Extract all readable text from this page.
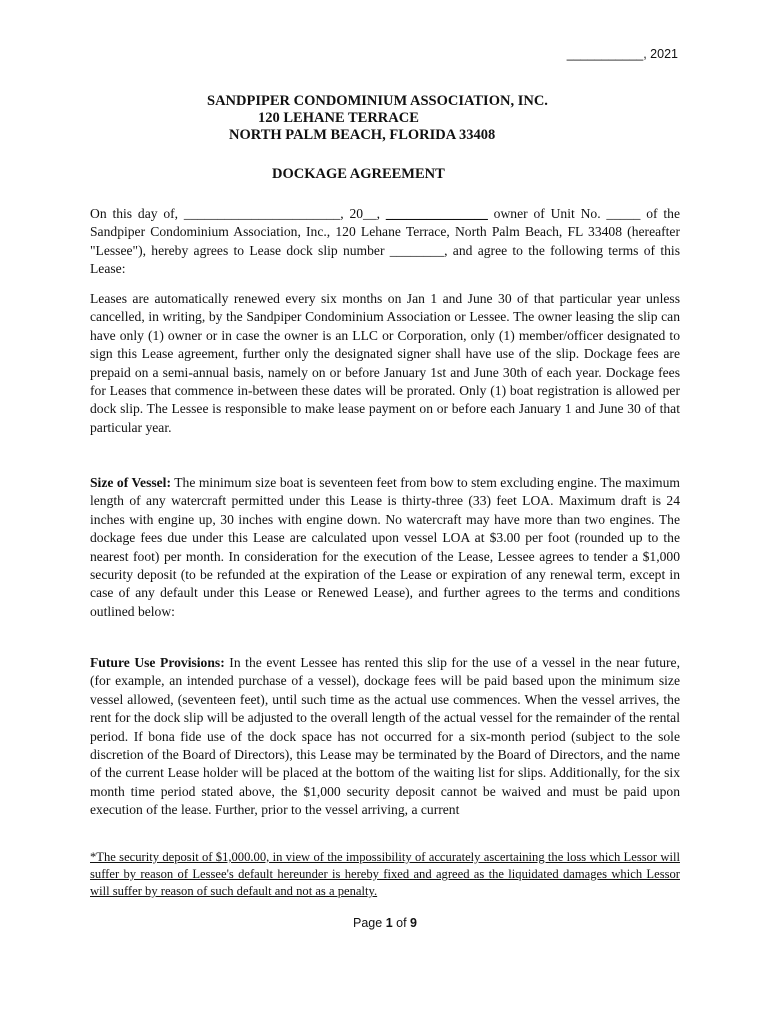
___________, 2021
SANDPIPER CONDOMINIUM ASSOCIATION, INC.
120 LEHANE TERRACE
NORTH PALM BEACH, FLORIDA 33408
DOCKAGE AGREEMENT
On this day of, _______________________, 20__, _______________ owner of Unit No. _____ of the Sandpiper Condominium Association, Inc., 120 Lehane Terrace, North Palm Beach, FL 33408 (hereafter "Lessee"), hereby agrees to Lease dock slip number ________, and agree to the following terms of this Lease:
Leases are automatically renewed every six months on Jan 1 and June 30 of that particular year unless cancelled, in writing, by the Sandpiper Condominium Association or Lessee. The owner leasing the slip can have only (1) owner or in case the owner is an LLC or Corporation, only (1) member/officer designated to sign this Lease agreement, further only the designated signer shall have use of the slip. Dockage fees are prepaid on a semi-annual basis, namely on or before January 1st and June 30th of each year. Dockage fees for Leases that commence in-between these dates will be prorated. Only (1) boat registration is allowed per dock slip. The Lessee is responsible to make lease payment on or before each January 1 and June 30 of that particular year.
Size of Vessel: The minimum size boat is seventeen feet from bow to stem excluding engine. The maximum length of any watercraft permitted under this Lease is thirty-three (33) feet LOA. Maximum draft is 24 inches with engine up, 30 inches with engine down. No watercraft may have more than two engines. The dockage fees due under this Lease are calculated upon vessel LOA at $3.00 per foot (rounded up to the nearest foot) per month. In consideration for the execution of the Lease, Lessee agrees to tender a $1,000 security deposit (to be refunded at the expiration of the Lease or expiration of any renewal term, except in case of any default under this Lease or Renewed Lease), and further agrees to the terms and conditions outlined below:
Future Use Provisions: In the event Lessee has rented this slip for the use of a vessel in the near future, (for example, an intended purchase of a vessel), dockage fees will be paid based upon the minimum size vessel allowed, (seventeen feet), until such time as the actual use commences. When the vessel arrives, the rent for the dock slip will be adjusted to the overall length of the actual vessel for the remainder of the rental period. If bona fide use of the dock space has not occurred for a six-month period (subject to the sole discretion of the Board of Directors), this Lease may be terminated by the Board of Directors, and the name of the current Lease holder will be placed at the bottom of the waiting list for slips. Additionally, for the six month time period stated above, the $1,000 security deposit cannot be waived and must be paid upon execution of the lease. Further, prior to the vessel arriving, a current
*The security deposit of $1,000.00, in view of the impossibility of accurately ascertaining the loss which Lessor will suffer by reason of Lessee's default hereunder is hereby fixed and agreed as the liquidated damages which Lessor will suffer by reason of such default and not as a penalty.
Page 1 of 9
